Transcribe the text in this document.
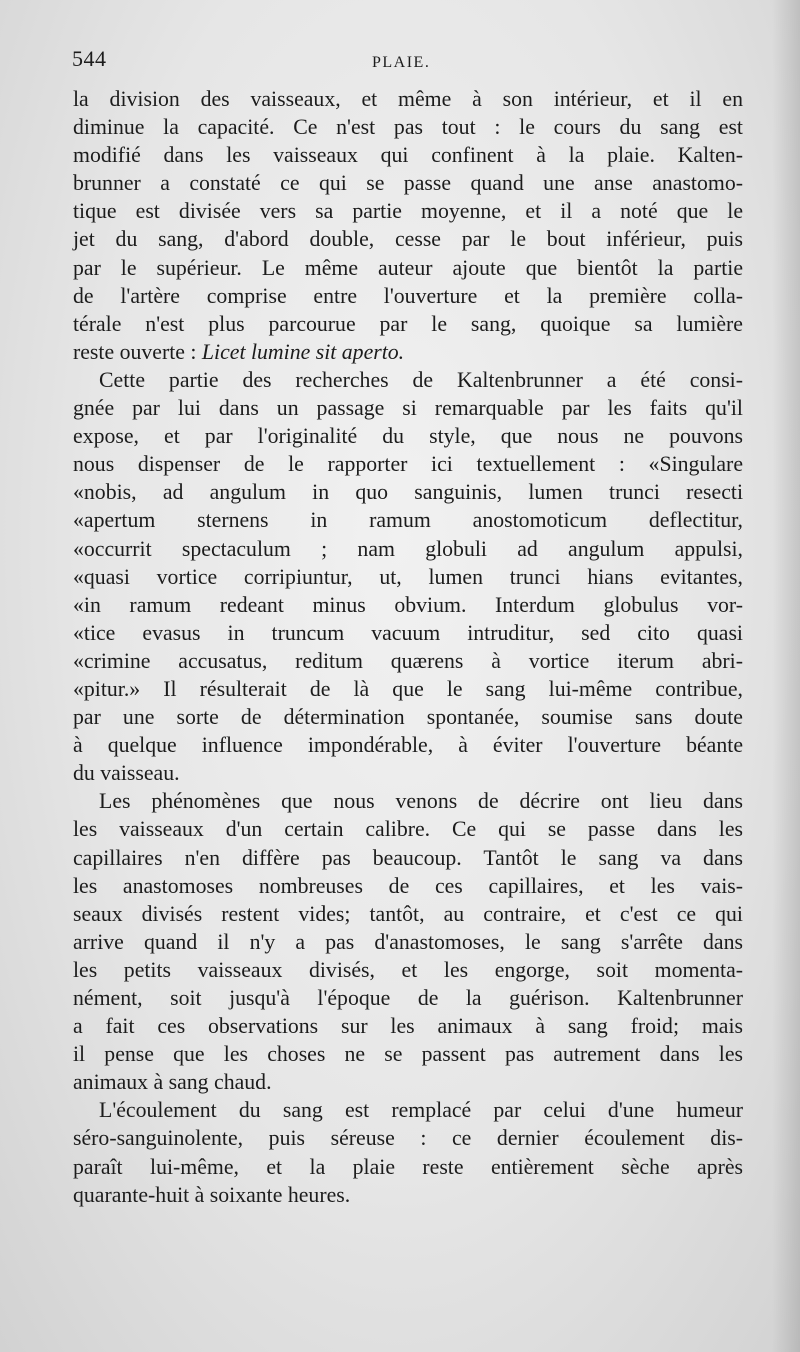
544	PLAIE.

la division des vaisseaux, et même à son intérieur, et il en
diminue la capacité. Ce n'est pas tout : le cours du sang est
modifié dans les vaisseaux qui confinent à la plaie. Kalten-
brunner a constaté ce qui se passe quand une anse anastomo-
tique est divisée vers sa partie moyenne, et il a noté que le
jet du sang, d'abord double, cesse par le bout inférieur, puis
par le supérieur. Le même auteur ajoute que bientôt la partie
de l'artère comprise entre l'ouverture et la première colla-
térale n'est plus parcourue par le sang, quoique sa lumière
reste ouverte : Licet lumine sit aperto.

Cette partie des recherches de Kaltenbrunner a été consi-
gnée par lui dans un passage si remarquable par les faits qu'il
expose, et par l'originalité du style, que nous ne pouvons
nous dispenser de le rapporter ici textuellement : «Singulare
«nobis, ad angulum in quo sanguinis, lumen trunci resecti
«apertum sternens in ramum anostomoticum deflectitur,
«occurrit spectaculum ; nam globuli ad angulum appulsi,
«quasi vortice corripiuntur, ut, lumen trunci hians evitantes,
«in ramum redeant minus obvium. Interdum globulus vor-
«tice evasus in truncum vacuum intruditur, sed cito quasi
«crimine accusatus, reditum quærens à vortice iterum abri-
«pitur.» Il résulterait de là que le sang lui-même contribue,
par une sorte de détermination spontanée, soumise sans doute
à quelque influence impondérable, à éviter l'ouverture béante
du vaisseau.

Les phénomènes que nous venons de décrire ont lieu dans
les vaisseaux d'un certain calibre. Ce qui se passe dans les
capillaires n'en diffère pas beaucoup. Tantôt le sang va dans
les anastomoses nombreuses de ces capillaires, et les vais-
seaux divisés restent vides; tantôt, au contraire, et c'est ce qui
arrive quand il n'y a pas d'anastomoses, le sang s'arrête dans
les petits vaisseaux divisés, et les engorge, soit momenta-
nément, soit jusqu'à l'époque de la guérison. Kaltenbrunner
a fait ces observations sur les animaux à sang froid; mais
il pense que les choses ne se passent pas autrement dans les
animaux à sang chaud.

L'écoulement du sang est remplacé par celui d'une humeur
séro-sanguinolente, puis séreuse : ce dernier écoulement dis-
paraît lui-même, et la plaie reste entièrement sèche après
quarante-huit à soixante heures.
